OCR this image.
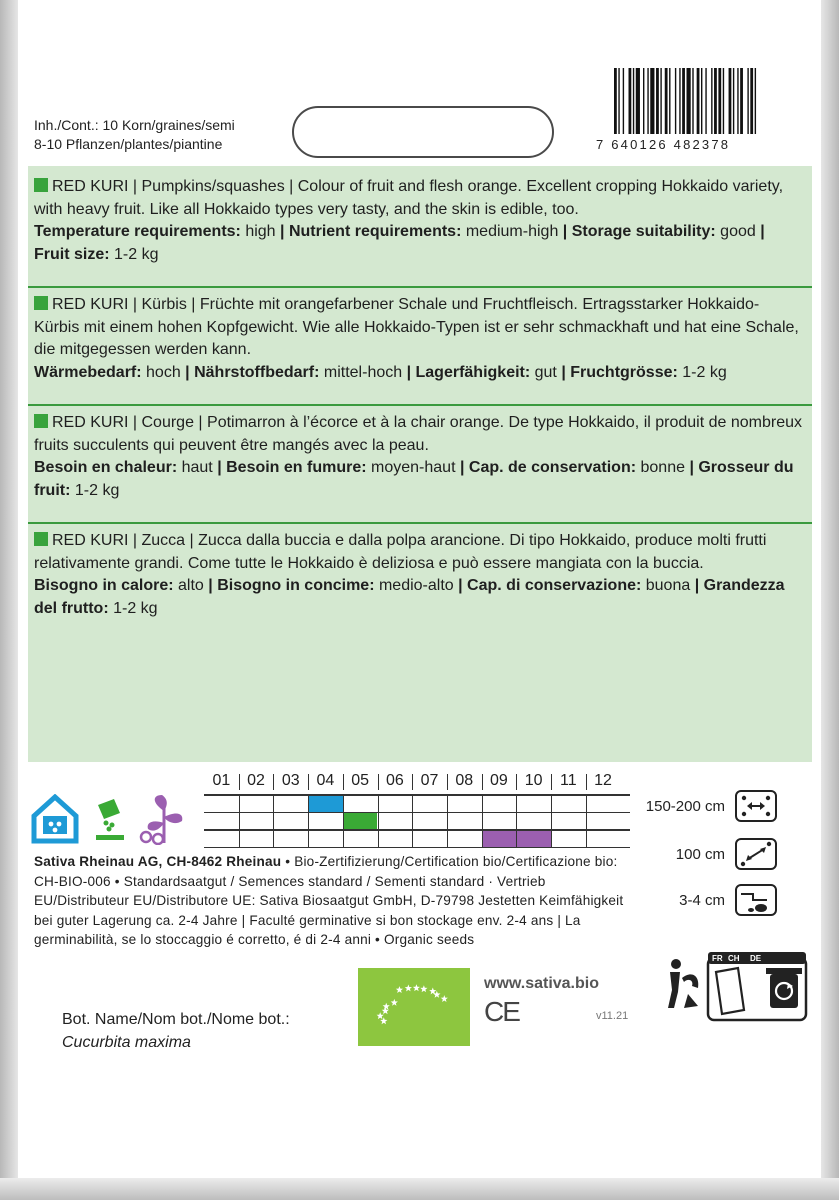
Inh./Cont.: 10 Korn/graines/semi
8-10 Pflanzen/plantes/piantine	7 640126 482378
RED KURI | Pumpkins/squashes | Colour of fruit and flesh orange. Excellent cropping Hokkaido variety, with heavy fruit. Like all Hokkaido types very tasty, and the skin is edible, too.
Temperature requirements: high | Nutrient requirements: medium-high | Storage suitability: good | Fruit size: 1-2 kg
RED KURI | Kürbis | Früchte mit orangefarbener Schale und Fruchtfleisch. Ertragsstarker Hokkaido-Kürbis mit einem hohen Kopfgewicht. Wie alle Hokkaido-Typen ist er sehr schmackhaft und hat eine Schale, die mitgegessen werden kann.
Wärmebedarf: hoch | Nährstoffbedarf: mittel-hoch | Lagerfähigkeit: gut | Fruchtgrösse: 1-2 kg
RED KURI | Courge | Potimarron à l’écorce et à la chair orange. De type Hokkaido, il produit de nombreux fruits succulents qui peuvent être mangés avec la peau.
Besoin en chaleur: haut | Besoin en fumure: moyen-haut | Cap. de conservation: bonne | Grosseur du fruit: 1-2 kg
RED KURI | Zucca | Zucca dalla buccia e dalla polpa arancione. Di tipo Hokkaido, produce molti frutti relativamente grandi. Come tutte le Hokkaido è deliziosa e può essere mangiata con la buccia.
Bisogno in calore: alto | Bisogno in concime: medio-alto | Cap. di conservazione: buona | Grandezza del frutto: 1-2 kg
01	02	03	04	05	06	07	08	09	10	11	12
Sativa Rheinau AG, CH-8462 Rheinau • Bio-Zertifizierung/Certification bio/Certificazione bio: CH-BIO-006 • Standardsaatgut / Semences standard / Sementi standard · Vertrieb EU/Distributeur EU/Distributore UE: Sativa Biosaatgut GmbH, D-79798 Jestetten Keimfähigkeit bei guter Lagerung ca. 2-4 Jahre | Faculté germinative si bon stockage env. 2-4 ans | La germinabilità, se lo stoccaggio é corretto, é di 2-4 anni • Organic seeds
150-200 cm
100 cm
3-4 cm
Bot. Name/Nom bot./Nome bot.:
Cucurbita maxima
www.sativa.bio
CE	v11.21
FR CH DE
